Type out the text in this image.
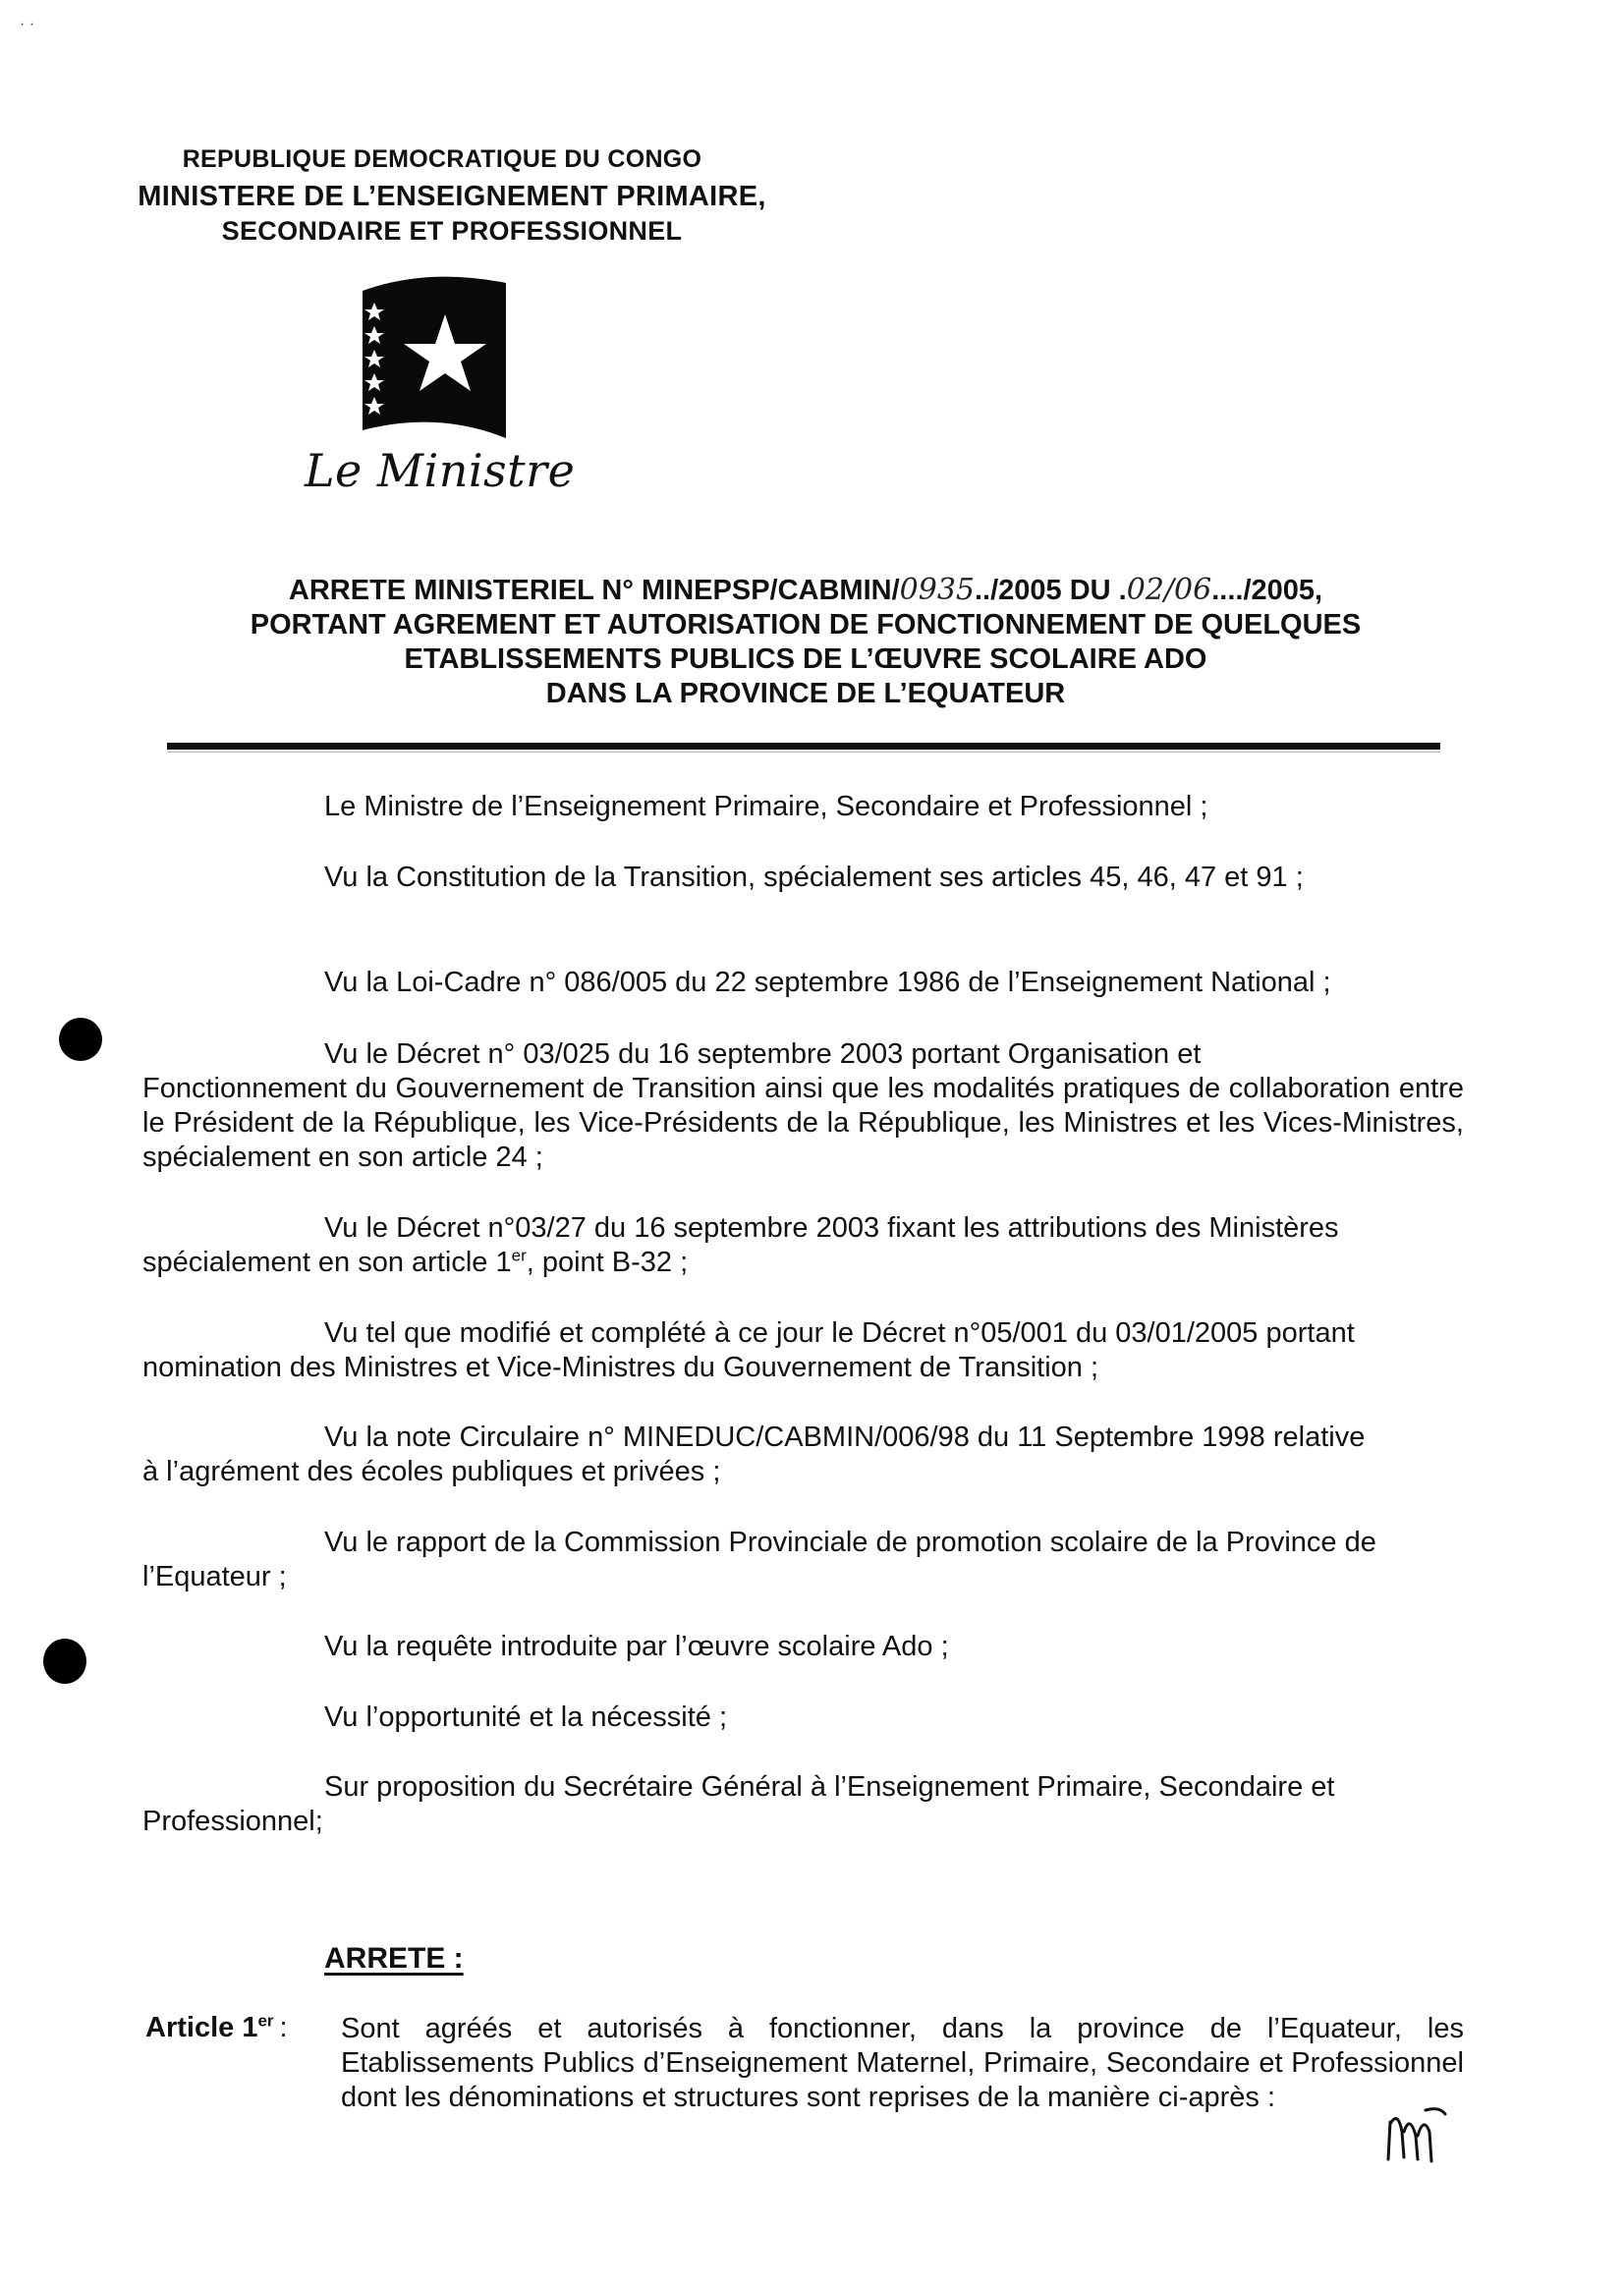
· ·
REPUBLIQUE DEMOCRATIQUE DU CONGO
MINISTERE DE L’ENSEIGNEMENT PRIMAIRE,
SECONDAIRE ET PROFESSIONNEL
Le Ministre
ARRETE MINISTERIEL N° MINEPSP/CABMIN/0935../2005 DU .02/06..../2005,
PORTANT AGREMENT ET AUTORISATION DE FONCTIONNEMENT DE QUELQUES
ETABLISSEMENTS PUBLICS DE L’ŒUVRE SCOLAIRE ADO
DANS LA PROVINCE DE L’EQUATEUR
Le Ministre de l’Enseignement Primaire, Secondaire et Professionnel ;
Vu la Constitution de la Transition, spécialement ses articles 45, 46, 47 et 91 ;
Vu la Loi-Cadre n° 086/005 du 22 septembre 1986 de l’Enseignement National ;
Vu le Décret n° 03/025 du 16 septembre 2003 portant Organisation et
Fonctionnement du Gouvernement de Transition ainsi que les modalités pratiques de collaboration entre le Président de la République, les Vice-Présidents de la République, les Ministres et les Vices-Ministres, spécialement en son article 24 ;
Vu le Décret n°03/27 du 16 septembre 2003 fixant les attributions des Ministères
spécialement en son article 1er, point B-32 ;
Vu tel que modifié et complété à ce jour le Décret n°05/001 du 03/01/2005 portant
nomination des Ministres et Vice-Ministres du Gouvernement de Transition ;
Vu la note Circulaire n° MINEDUC/CABMIN/006/98 du 11 Septembre 1998 relative
à l’agrément des écoles publiques et privées ;
Vu le rapport de la Commission Provinciale de promotion scolaire de la Province de
l’Equateur ;
Vu la requête introduite par l’œuvre scolaire Ado ;
Vu l’opportunité et la nécessité ;
Sur proposition du Secrétaire Général à l’Enseignement Primaire, Secondaire et
Professionnel;
ARRETE :
Article 1er : Sont agréés et autorisés à fonctionner, dans la province de l’Equateur, les Etablissements Publics d’Enseignement Maternel, Primaire, Secondaire et Professionnel dont les dénominations et structures sont reprises de la manière ci-après :
